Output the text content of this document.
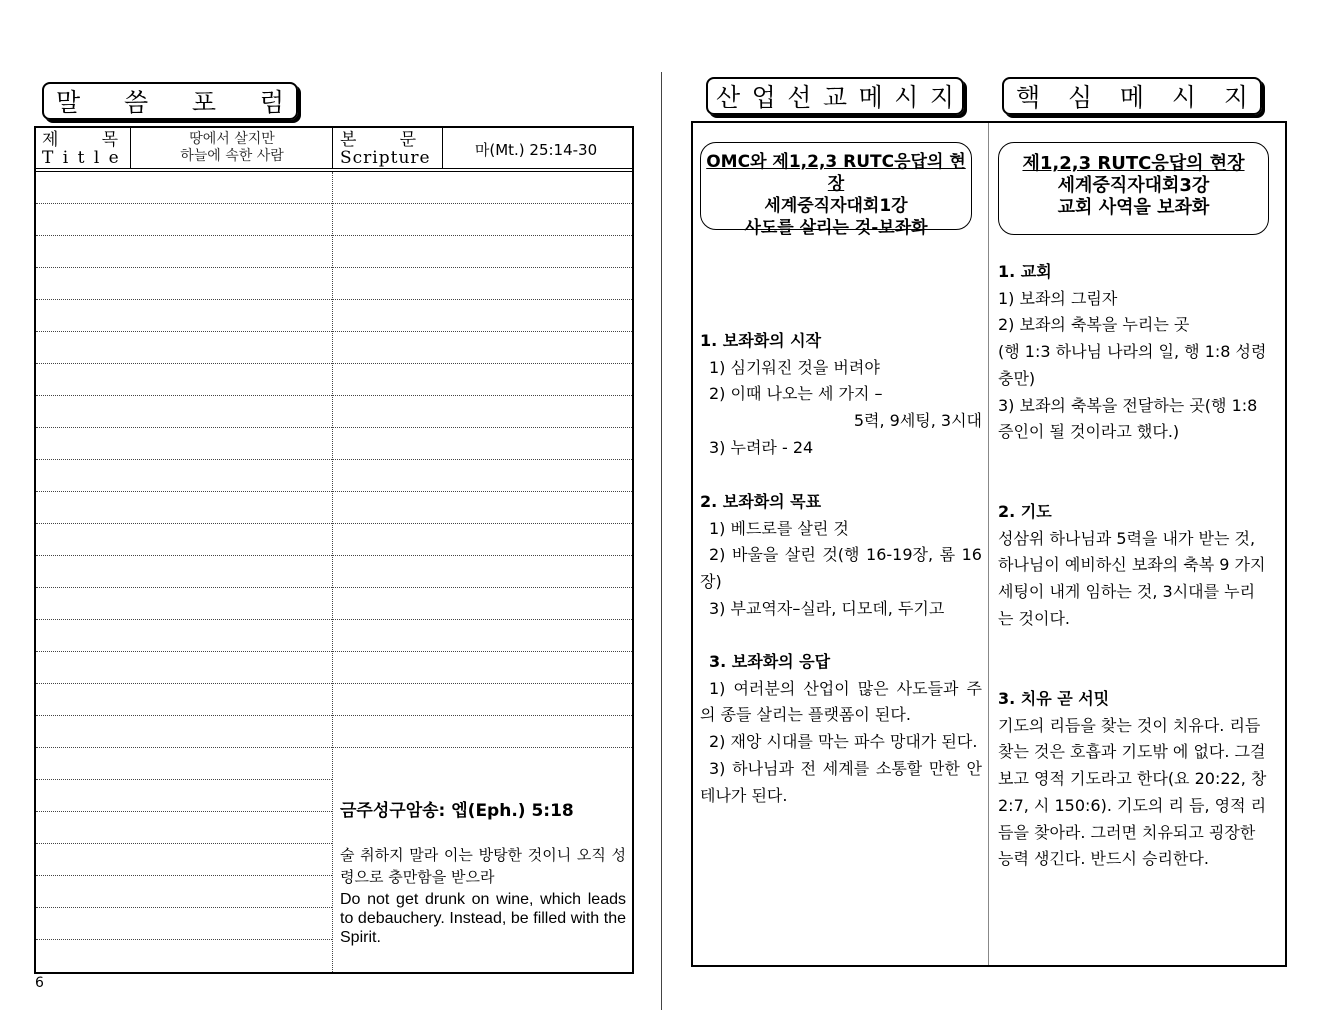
말 씀 포 럼
제        목
T i t l e
땅에서 살지만
하늘에 속한 사람
본        문
Scripture	마(Mt.) 25:14-30
금주성구암송: 엡(Eph.) 5:18
술 취하지 말라 이는 방탕한 것이니 오직 성령으로 충만함을 받으라
Do not get drunk on wine, which leads to debauchery. Instead, be filled with the Spirit.
6
산 업 선 교 메 시 지 핵 심 메 시 지
OMC와 제1,2,3 RUTC응답의 현장
세계중직자대회1강
사도를 살리는 것-보좌화
1. 보좌화의 시작
1) 심기워진 것을 버려야
2) 이때 나오는 세 가지 –
5력, 9세팅, 3시대
3) 누려라 - 24
2. 보좌화의 목표
1) 베드로를 살린 것
2) 바울을 살린 것(행 16-19장, 롬 16장)
3) 부교역자–실라, 디모데, 두기고
3. 보좌화의 응답
1) 여러분의 산업이 많은 사도들과 주의 종들 살리는 플랫폼이 된다.
2) 재앙 시대를 막는 파수 망대가 된다.
3) 하나님과 전 세계를 소통할 만한 안테나가 된다.
제1,2,3 RUTC응답의 현장
세계중직자대회3강
교회 사역을 보좌화
1. 교회
1) 보좌의 그림자
2) 보좌의 축복을 누리는 곳
(행 1:3 하나님 나라의 일, 행 1:8 성령 충만)
3) 보좌의 축복을 전달하는 곳(행 1:8 증인이 될 것이라고 했다.)
2. 기도
성삼위 하나님과 5력을 내가 받는 것, 하나님이 예비하신 보좌의 축복 9 가지 세팅이 내게 임하는 것, 3시대를 누리는 것이다.
3. 치유 곧 서밋
기도의 리듬을 찾는 것이 치유다. 리듬 찾는 것은 호흡과 기도밖 에 없다. 그걸 보고 영적 기도라고 한다(요 20:22, 창 2:7, 시 150:6). 기도의 리 듬, 영적 리듬을 찾아라. 그러면 치유되고 굉장한 능력 생긴다. 반드시 승리한다.
